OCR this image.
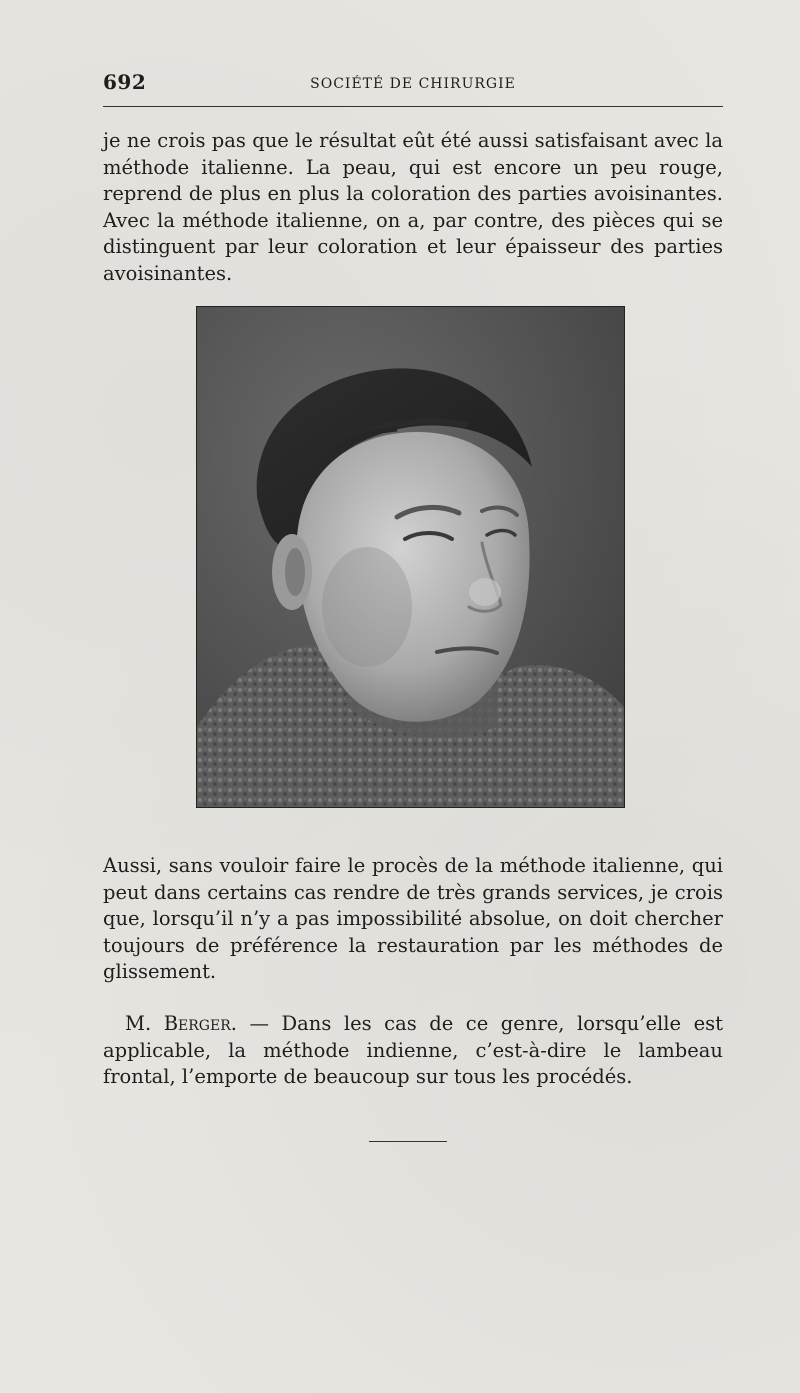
692	SOCIÉTÉ DE CHIRURGIE

je ne crois pas que le résultat eût été aussi satisfaisant avec la méthode italienne. La peau, qui est encore un peu rouge, reprend de plus en plus la coloration des parties avoisinantes. Avec la méthode italienne, on a, par contre, des pièces qui se distinguent par leur coloration et leur épaisseur des parties avoisinantes.

Aussi, sans vouloir faire le procès de la méthode italienne, qui peut dans certains cas rendre de très grands services, je crois que, lorsqu’il n’y a pas impossibilité absolue, on doit chercher toujours de préférence la restauration par les méthodes de glissement.

M. Berger. — Dans les cas de ce genre, lorsqu’elle est applicable, la méthode indienne, c’est-à-dire le lambeau frontal, l’emporte de beaucoup sur tous les procédés.
